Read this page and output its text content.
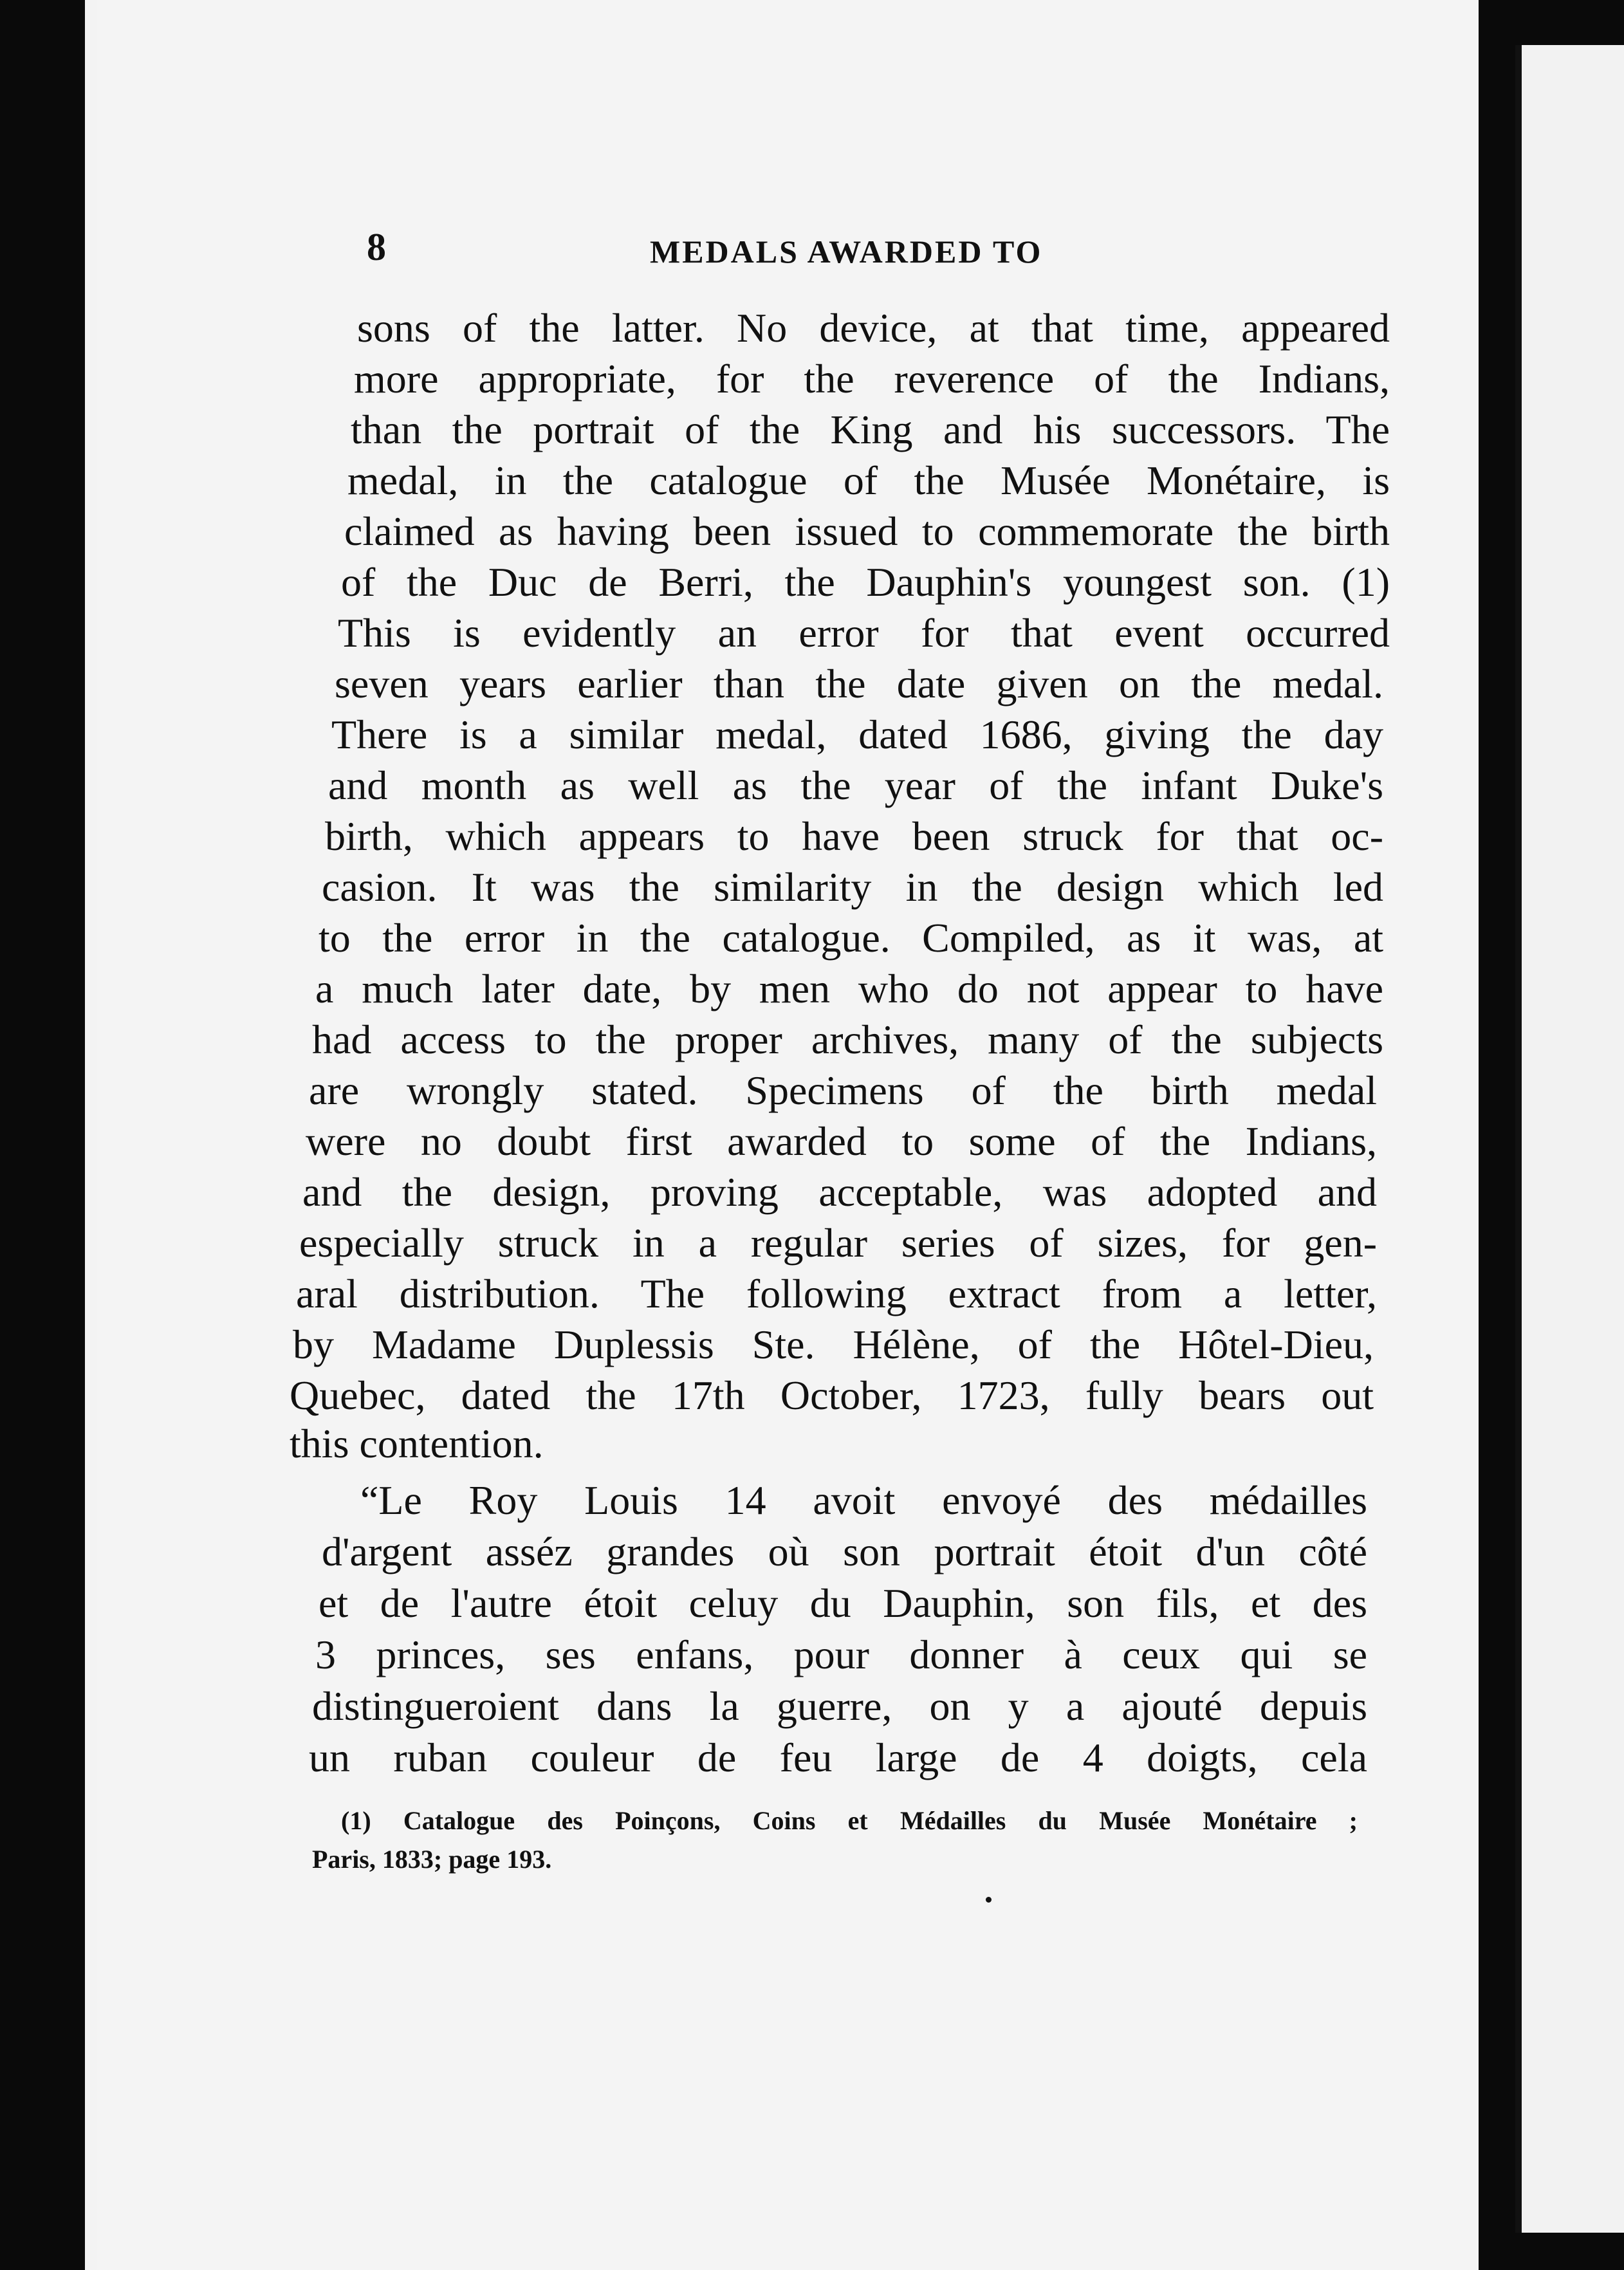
8	MEDALS AWARDED TO
sons of the latter. No device, at that time, appeared
more appropriate, for the reverence of the Indians,
than the portrait of the King and his successors. The
medal, in the catalogue of the Musée Monétaire, is
claimed as having been issued to commemorate the birth
of the Duc de Berri, the Dauphin's youngest son. (1)
This is evidently an error for that event occurred
seven years earlier than the date given on the medal.
There is a similar medal, dated 1686, giving the day
and month as well as the year of the infant Duke's
birth, which appears to have been struck for that oc-
casion. It was the similarity in the design which led
to the error in the catalogue. Compiled, as it was, at
a much later date, by men who do not appear to have
had access to the proper archives, many of the subjects
are wrongly stated. Specimens of the birth medal
were no doubt first awarded to some of the Indians,
and the design, proving acceptable, was adopted and
especially struck in a regular series of sizes, for gen-
aral distribution. The following extract from a letter,
by Madame Duplessis Ste. Hélène, of the Hôtel-Dieu,
Quebec, dated the 17th October, 1723, fully bears out
this contention.
“Le Roy Louis 14 avoit envoyé des médailles
d'argent asséz grandes où son portrait étoit d'un côté
et de l'autre étoit celuy du Dauphin, son fils, et des
3 princes, ses enfans, pour donner à ceux qui se
distingueroient dans la guerre, on y a ajouté depuis
un ruban couleur de feu large de 4 doigts, cela
(1) Catalogue des Poinçons, Coins et Médailles du Musée Monétaire ;
Paris, 1833; page 193.
